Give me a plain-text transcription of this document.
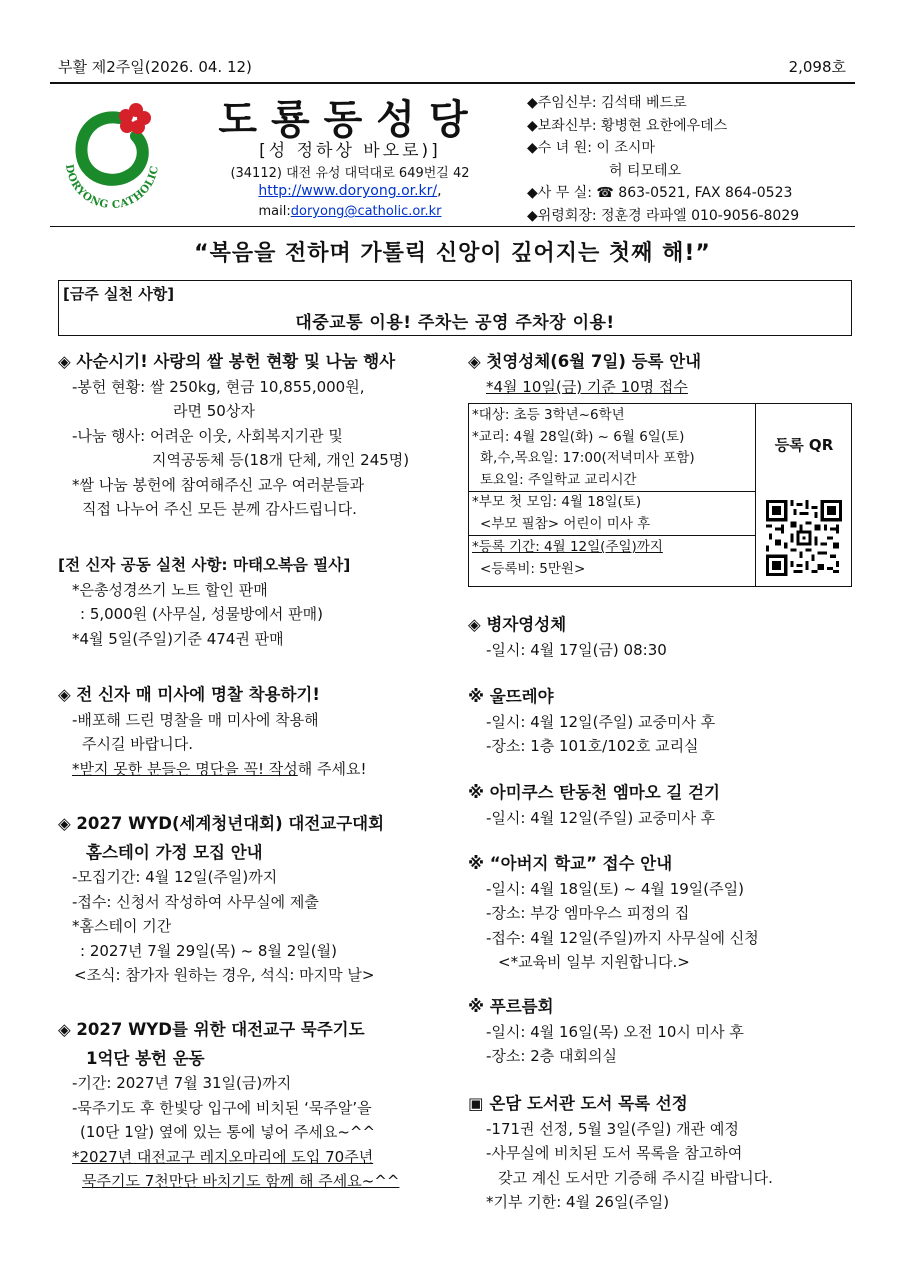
부활 제2주일(2026. 04. 12)	2,098호
DORYONG CATHOLIC
도룡동성당
[성 정하상 바오로)]
(34112) 대전 유성 대덕대로 649번길 42
http://www.doryong.or.kr/,
mail:doryong@catholic.or.kr
◆주임신부: 김석태 베드로
◆보좌신부: 황병현 요한에우데스
◆수 녀 원: 이 조시마
허 티모테오
◆사 무 실: ☎ 863-0521, FAX 864-0523
◆위령회장: 정훈경 라파엘 010-9056-8029
“복음을 전하며 가톨릭 신앙이 깊어지는 첫째 해!”
[금주 실천 사항]
대중교통 이용! 주차는 공영 주차장 이용!
◈ 사순시기! 사랑의 쌀 봉헌 현황 및 나눔 행사
-봉헌 현황: 쌀 250kg, 현금 10,855,000원,
라면 50상자
-나눔 행사: 어려운 이웃, 사회복지기관 및
지역공동체 등(18개 단체, 개인 245명)
*쌀 나눔 봉헌에 참여해주신 교우 여러분들과
직접 나누어 주신 모든 분께 감사드립니다.
[전 신자 공동 실천 사항: 마태오복음 필사]
*은총성경쓰기 노트 할인 판매
: 5,000원 (사무실, 성물방에서 판매)
*4월 5일(주일)기준 474권 판매
◈ 전 신자 매 미사에 명찰 착용하기!
-배포해 드린 명찰을 매 미사에 착용해
주시길 바랍니다.
*받지 못한 분들은 명단을 꼭! 작성해 주세요!
◈ 2027 WYD(세계청년대회) 대전교구대회
홈스테이 가정 모집 안내
-모집기간: 4월 12일(주일)까지
-접수: 신청서 작성하여 사무실에 제출
*홈스테이 기간
: 2027년 7월 29일(목) ~ 8월 2일(월)
<조식: 참가자 원하는 경우, 석식: 마지막 날>
◈ 2027 WYD를 위한 대전교구 묵주기도
1억단 봉헌 운동
-기간: 2027년 7월 31일(금)까지
-묵주기도 후 한빛당 입구에 비치된 ‘묵주알’을
(10단 1알) 옆에 있는 통에 넣어 주세요~^^
*2027년 대전교구 레지오마리에 도입 70주년
묵주기도 7천만단 바치기도 함께 해 주세요~^^
◈ 첫영성체(6월 7일) 등록 안내
*4월 10일(금) 기준 10명 접수
*대상: 초등 3학년~6학년
*교리: 4월 28일(화) ~ 6월 6일(토)
화,수,목요일: 17:00(저녁미사 포함)
토요일: 주일학교 교리시간
*부모 첫 모임: 4월 18일(토)
<부모 필참> 어린이 미사 후
*등록 기간: 4월 12일(주일)까지
<등록비: 5만원>
등록 QR
◈ 병자영성체
-일시: 4월 17일(금) 08:30
※ 울뜨레야
-일시: 4월 12일(주일) 교중미사 후
-장소: 1층 101호/102호 교리실
※ 아미쿠스 탄동천 엠마오 길 걷기
-일시: 4월 12일(주일) 교중미사 후
※ “아버지 학교” 접수 안내
-일시: 4월 18일(토) ~ 4월 19일(주일)
-장소: 부강 엠마우스 피정의 집
-접수: 4월 12일(주일)까지 사무실에 신청
<*교육비 일부 지원합니다.>
※ 푸르름회
-일시: 4월 16일(목) 오전 10시 미사 후
-장소: 2층 대회의실
▣ 온담 도서관 도서 목록 선정
-171권 선정, 5월 3일(주일) 개관 예정
-사무실에 비치된 도서 목록을 참고하여
갖고 계신 도서만 기증해 주시길 바랍니다.
*기부 기한: 4월 26일(주일)
